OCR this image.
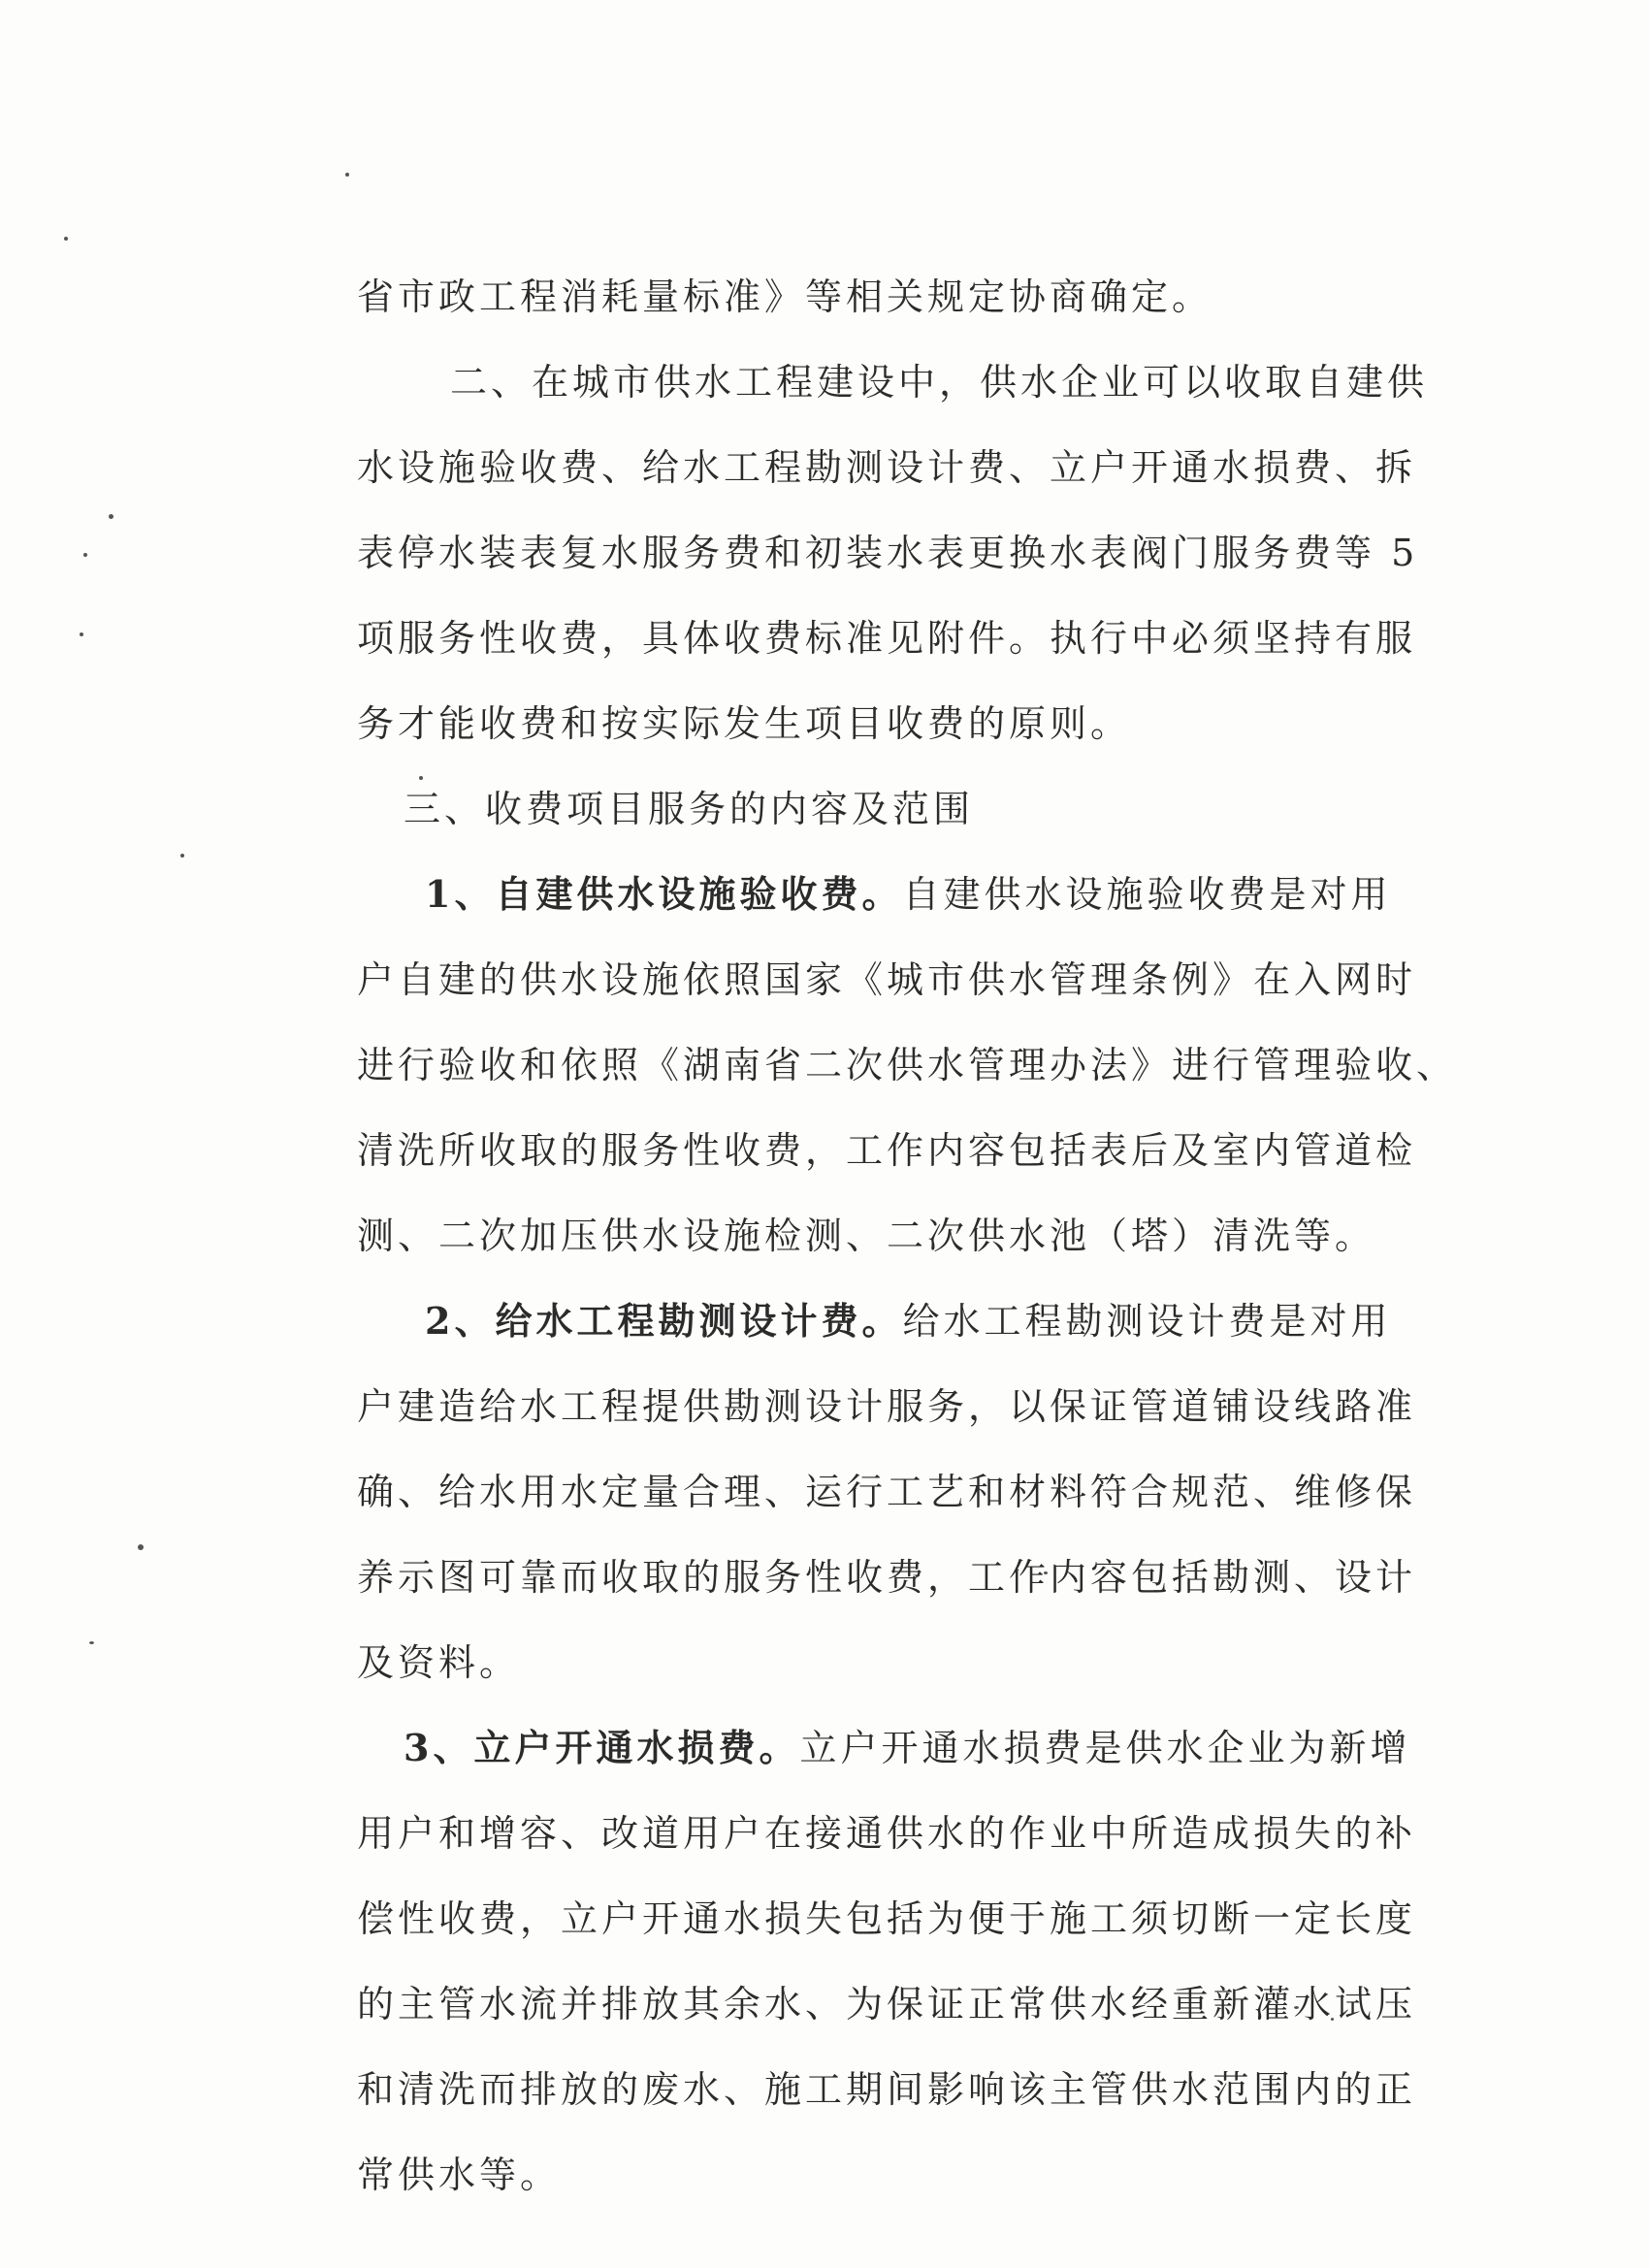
省市政工程消耗量标准》等相关规定协商确定。
二、在城市供水工程建设中，供水企业可以收取自建供
水设施验收费、给水工程勘测设计费、立户开通水损费、拆
表停水装表复水服务费和初装水表更换水表阀门服务费等 5
项服务性收费，具体收费标准见附件。执行中必须坚持有服
务才能收费和按实际发生项目收费的原则。
三、收费项目服务的内容及范围
1、自建供水设施验收费。自建供水设施验收费是对用
户自建的供水设施依照国家《城市供水管理条例》在入网时
进行验收和依照《湖南省二次供水管理办法》进行管理验收、
清洗所收取的服务性收费，工作内容包括表后及室内管道检
测、二次加压供水设施检测、二次供水池（塔）清洗等。
2、给水工程勘测设计费。给水工程勘测设计费是对用
户建造给水工程提供勘测设计服务，以保证管道铺设线路准
确、给水用水定量合理、运行工艺和材料符合规范、维修保
养示图可靠而收取的服务性收费，工作内容包括勘测、设计
及资料。
3、立户开通水损费。立户开通水损费是供水企业为新增
用户和增容、改道用户在接通供水的作业中所造成损失的补
偿性收费，立户开通水损失包括为便于施工须切断一定长度
的主管水流并排放其余水、为保证正常供水经重新灌水试压
和清洗而排放的废水、施工期间影响该主管供水范围内的正
常供水等。
